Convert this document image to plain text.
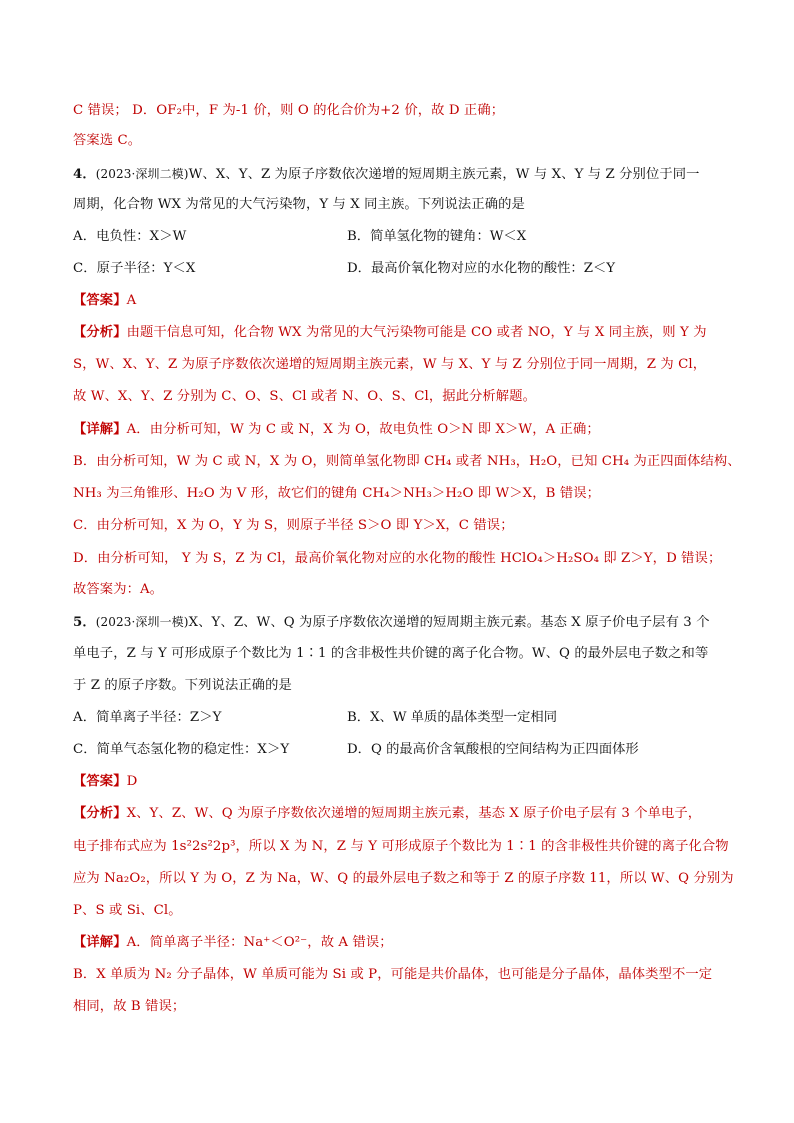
C 错误； D．OF₂中，F 为-1 价，则 O 的化合价为+2 价，故 D 正确；
答案选 C。
4．(2023·深圳二模)W、X、Y、Z 为原子序数依次递增的短周期主族元素，W 与 X、Y 与 Z 分别位于同一
周期，化合物 WX 为常见的大气污染物，Y 与 X 同主族。下列说法正确的是
A．电负性：X＞W	B．简单氢化物的键角：W＜X
C．原子半径：Y＜X	D．最高价氧化物对应的水化物的酸性：Z＜Y
【答案】A
【分析】由题干信息可知，化合物 WX 为常见的大气污染物可能是 CO 或者 NO，Y 与 X 同主族，则 Y 为
S，W、X、Y、Z 为原子序数依次递增的短周期主族元素，W 与 X、Y 与 Z 分别位于同一周期，Z 为 Cl，
故 W、X、Y、Z 分别为 C、O、S、Cl 或者 N、O、S、Cl，据此分析解题。
【详解】A．由分析可知，W 为 C 或 N，X 为 O，故电负性 O＞N 即 X＞W，A 正确；
B．由分析可知，W 为 C 或 N，X 为 O，则简单氢化物即 CH₄ 或者 NH₃，H₂O，已知 CH₄ 为正四面体结构、
NH₃ 为三角锥形、H₂O 为 V 形，故它们的键角 CH₄＞NH₃＞H₂O 即 W＞X，B 错误；
C．由分析可知，X 为 O，Y 为 S，则原子半径 S＞O 即 Y＞X，C 错误；
D．由分析可知， Y 为 S，Z 为 Cl，最高价氧化物对应的水化物的酸性 HClO₄＞H₂SO₄ 即 Z＞Y，D 错误；
故答案为：A。
5．(2023·深圳一模)X、Y、Z、W、Q 为原子序数依次递增的短周期主族元素。基态 X 原子价电子层有 3 个
单电子，Z 与 Y 可形成原子个数比为 1∶1 的含非极性共价键的离子化合物。W、Q 的最外层电子数之和等
于 Z 的原子序数。下列说法正确的是
A．简单离子半径：Z＞Y	B．X、W 单质的晶体类型一定相同
C．简单气态氢化物的稳定性：X＞Y	D．Q 的最高价含氧酸根的空间结构为正四面体形
【答案】D
【分析】X、Y、Z、W、Q 为原子序数依次递增的短周期主族元素，基态 X 原子价电子层有 3 个单电子，
电子排布式应为 1s²2s²2p³，所以 X 为 N，Z 与 Y 可形成原子个数比为 1∶1 的含非极性共价键的离子化合物
应为 Na₂O₂，所以 Y 为 O，Z 为 Na，W、Q 的最外层电子数之和等于 Z 的原子序数 11，所以 W、Q 分别为
P、S 或 Si、Cl。
【详解】A．简单离子半径：Na⁺＜O²⁻，故 A 错误；
B．X 单质为 N₂ 分子晶体，W 单质可能为 Si 或 P，可能是共价晶体，也可能是分子晶体，晶体类型不一定
相同，故 B 错误；
